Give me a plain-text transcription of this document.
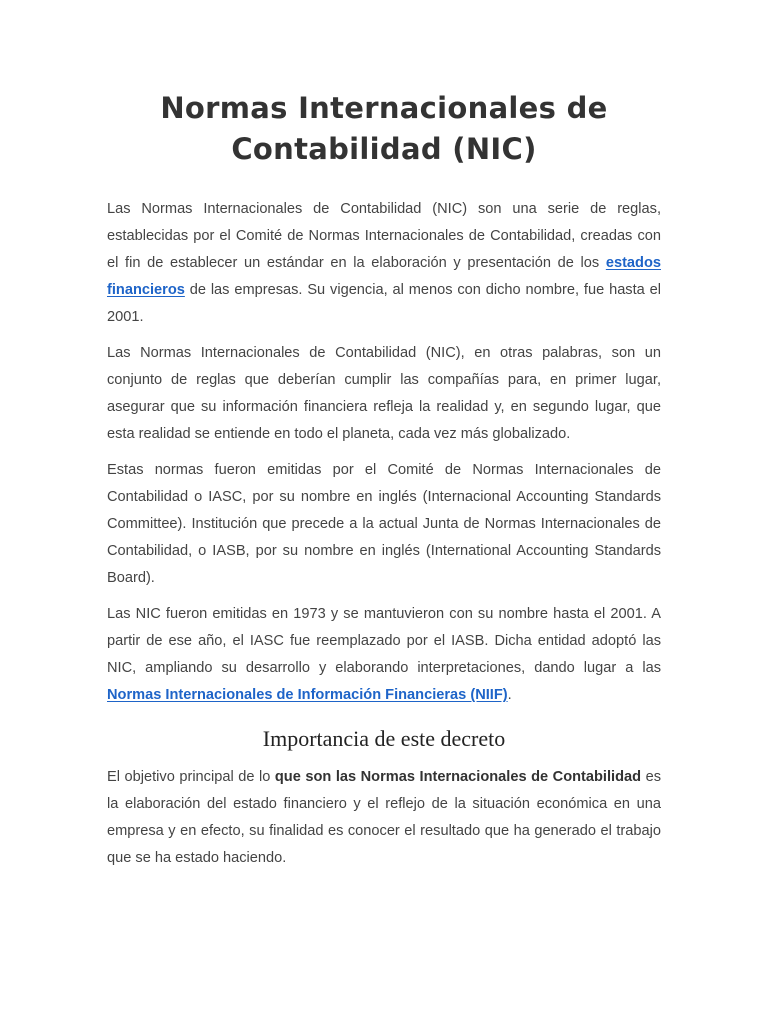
Normas Internacionales de Contabilidad (NIC)

Las Normas Internacionales de Contabilidad (NIC) son una serie de reglas, establecidas por el Comité de Normas Internacionales de Contabilidad, creadas con el fin de establecer un estándar en la elaboración y presentación de los estados financieros de las empresas. Su vigencia, al menos con dicho nombre, fue hasta el 2001.

Las Normas Internacionales de Contabilidad (NIC), en otras palabras, son un conjunto de reglas que deberían cumplir las compañías para, en primer lugar, asegurar que su información financiera refleja la realidad y, en segundo lugar, que esta realidad se entiende en todo el planeta, cada vez más globalizado.

Estas normas fueron emitidas por el Comité de Normas Internacionales de Contabilidad o IASC, por su nombre en inglés (Internacional Accounting Standards Committee). Institución que precede a la actual Junta de Normas Internacionales de Contabilidad, o IASB, por su nombre en inglés (International Accounting Standards Board).

Las NIC fueron emitidas en 1973 y se mantuvieron con su nombre hasta el 2001. A partir de ese año, el IASC fue reemplazado por el IASB. Dicha entidad adoptó las NIC, ampliando su desarrollo y elaborando interpretaciones, dando lugar a las Normas Internacionales de Información Financieras (NIIF).

Importancia de este decreto

El objetivo principal de lo que son las Normas Internacionales de Contabilidad es la elaboración del estado financiero y el reflejo de la situación económica en una empresa y en efecto, su finalidad es conocer el resultado que ha generado el trabajo que se ha estado haciendo.
